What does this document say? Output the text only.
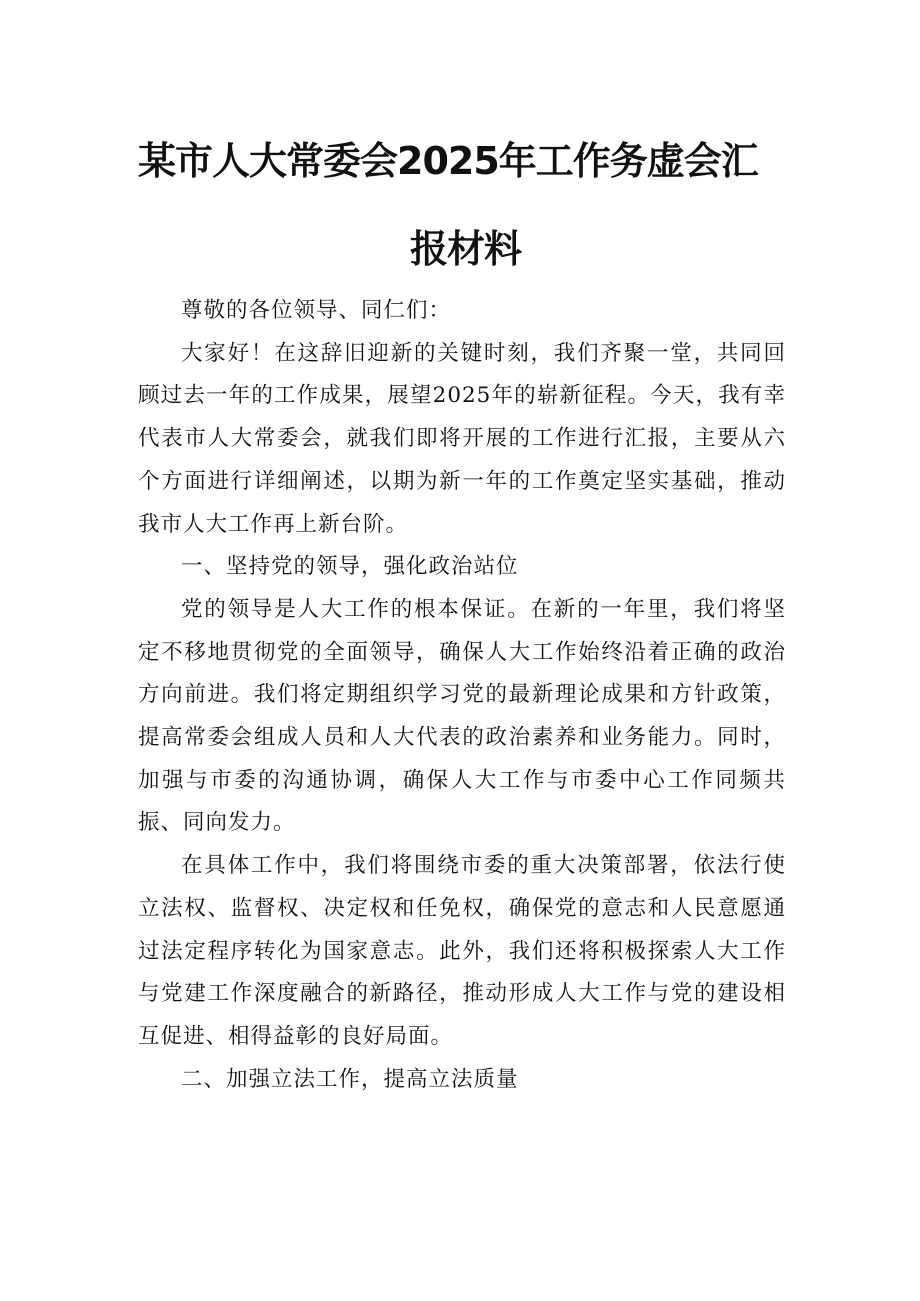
某市人大常委会2025年工作务虚会汇
报材料

尊敬的各位领导、同仁们：

大家好！在这辞旧迎新的关键时刻，我们齐聚一堂，共同回顾过去一年的工作成果，展望2025年的崭新征程。今天，我有幸代表市人大常委会，就我们即将开展的工作进行汇报，主要从六个方面进行详细阐述，以期为新一年的工作奠定坚实基础，推动我市人大工作再上新台阶。

一、坚持党的领导，强化政治站位

党的领导是人大工作的根本保证。在新的一年里，我们将坚定不移地贯彻党的全面领导，确保人大工作始终沿着正确的政治方向前进。我们将定期组织学习党的最新理论成果和方针政策，提高常委会组成人员和人大代表的政治素养和业务能力。同时，加强与市委的沟通协调，确保人大工作与市委中心工作同频共振、同向发力。

在具体工作中，我们将围绕市委的重大决策部署，依法行使立法权、监督权、决定权和任免权，确保党的意志和人民意愿通过法定程序转化为国家意志。此外，我们还将积极探索人大工作与党建工作深度融合的新路径，推动形成人大工作与党的建设相互促进、相得益彰的良好局面。

二、加强立法工作，提高立法质量
